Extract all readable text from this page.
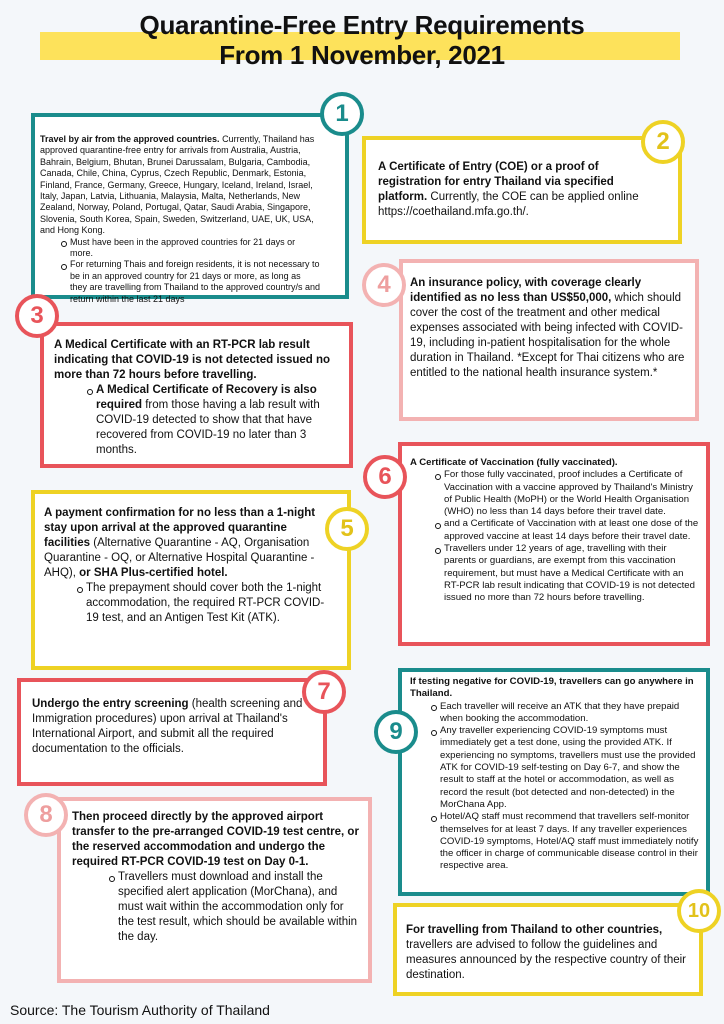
Quarantine-Free Entry Requirements
From 1 November, 2021
1

Travel by air from the approved countries. Currently, Thailand has approved quarantine-free entry for arrivals from Australia, Austria, Bahrain, Belgium, Bhutan, Brunei Darussalam, Bulgaria, Cambodia, Canada, Chile, China, Cyprus, Czech Republic, Denmark, Estonia, Finland, France, Germany, Greece, Hungary, Iceland, Ireland, Israel, Italy, Japan, Latvia, Lithuania, Malaysia, Malta, Netherlands, New Zealand, Norway, Poland, Portugal, Qatar, Saudi Arabia, Singapore, Slovenia, South Korea, Spain, Sweden, Switzerland, UAE, UK, USA, and Hong Kong.

Must have been in the approved countries for 21 days or more.
For returning Thais and foreign residents, it is not necessary to be in an approved country for 21 days or more, as long as they are travelling from Thailand to the approved country/s and return within the last 21 days
2

A Certificate of Entry (COE) or a proof of registration for entry Thailand via specified platform. Currently, the COE can be applied online https://coethailand.mfa.go.th/.

4	An insurance policy, with coverage clearly identified as no less than US$50,000, which should cover the cost of the treatment and other medical expenses associated with being infected with COVID-19, including in-patient hospitalisation for the whole duration in Thailand. *Except for Thai citizens who are entitled to the national health insurance system.*

3

A Medical Certificate with an RT-PCR lab result indicating that COVID-19 is not detected issued no more than 72 hours before travelling.

A Medical Certificate of Recovery is also required from those having a lab result with COVID-19 detected to show that that have recovered from COVID-19 no later than 3 months.
6

A Certificate of Vaccination (fully vaccinated).

For those fully vaccinated, proof includes a Certificate of Vaccination with a vaccine approved by Thailand's Ministry of Public Health (MoPH) or the World Health Organisation (WHO) no less than 14 days before their travel date.
and a Certificate of Vaccination with at least one dose of the approved vaccine at least 14 days before their travel date.
Travellers under 12 years of age, travelling with their parents or guardians, are exempt from this vaccination requirement, but must have a Medical Certificate with an RT-PCR lab result indicating that COVID-19 is not detected issued no more than 72 hours before travelling.
5

A payment confirmation for no less than a 1-night stay upon arrival at the approved quarantine facilities (Alternative Quarantine - AQ, Organisation Quarantine - OQ, or Alternative Hospital Quarantine - AHQ), or SHA Plus-certified hotel.

The prepayment should cover both the 1-night accommodation, the required RT-PCR COVID-19 test, and an Antigen Test Kit (ATK).
7

Undergo the entry screening (health screening and Immigration procedures) upon arrival at Thailand's International Airport, and submit all the required documentation to the officials.

9

If testing negative for COVID-19, travellers can go anywhere in Thailand.

Each traveller will receive an ATK that they have prepaid when booking the accommodation.
Any traveller experiencing COVID-19 symptoms must immediately get a test done, using the provided ATK. If experiencing no symptoms, travellers must use the provided ATK for COVID-19 self-testing on Day 6-7, and show the result to staff at the hotel or accommodation, as well as record the result (bot detected and non-detected) in the MorChana App.
Hotel/AQ staff must recommend that travellers self-monitor themselves for at least 7 days. If any traveller experiences COVID-19 symptoms, Hotel/AQ staff must immediately notify the officer in charge of communicable disease control in their respective area.
8	Then proceed directly by the approved airport transfer to the pre-arranged COVID-19 test centre, or the reserved accommodation and undergo the required RT-PCR COVID-19 test on Day 0-1.

Travellers must download and install the specified alert application (MorChana), and must wait within the accommodation only for the test result, which should be available within the day.
10

For travelling from Thailand to other countries, travellers are advised to follow the guidelines and measures announced by the respective country of their destination.

Source: The Tourism Authority of Thailand
